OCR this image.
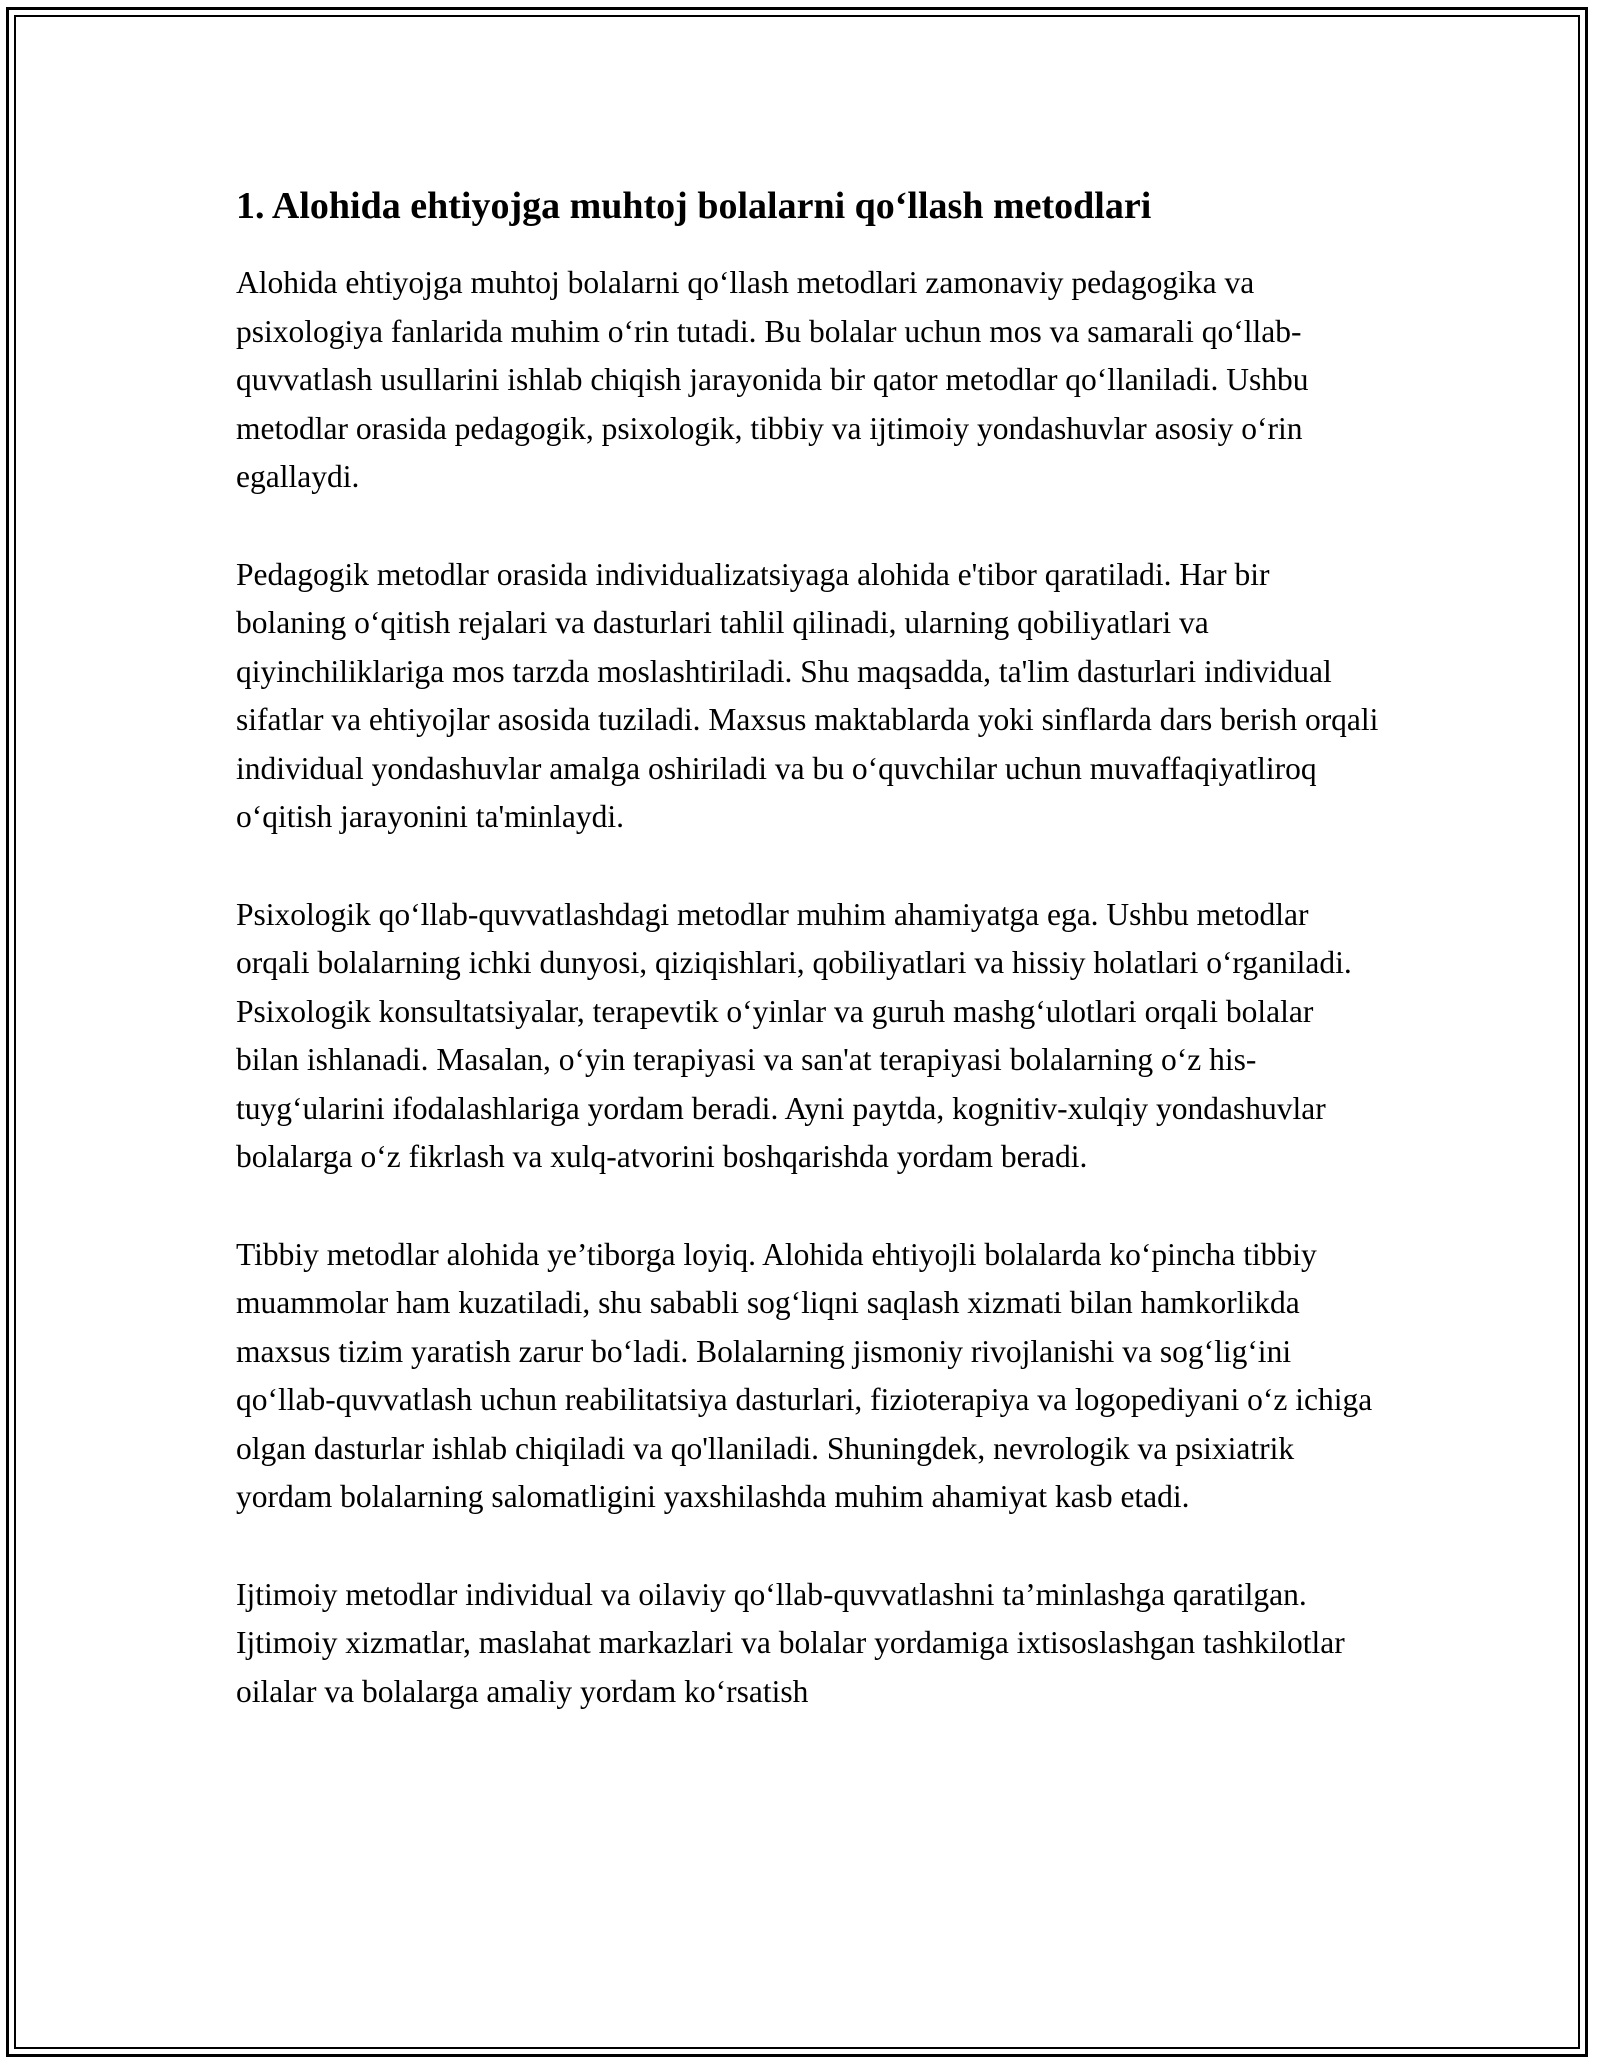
1. Alohida ehtiyojga muhtoj bolalarni qo‘llash metodlari

Alohida ehtiyojga muhtoj bolalarni qo‘llash metodlari zamonaviy pedagogika va psixologiya fanlarida muhim o‘rin tutadi. Bu bolalar uchun mos va samarali qo‘llab-quvvatlash usullarini ishlab chiqish jarayonida bir qator metodlar qo‘llaniladi. Ushbu metodlar orasida pedagogik, psixologik, tibbiy va ijtimoiy yondashuvlar asosiy o‘rin egallaydi.

Pedagogik metodlar orasida individualizatsiyaga alohida e'tibor qaratiladi. Har bir bolaning o‘qitish rejalari va dasturlari tahlil qilinadi, ularning qobiliyatlari va qiyinchiliklariga mos tarzda moslashtiriladi. Shu maqsadda, ta'lim dasturlari individual sifatlar va ehtiyojlar asosida tuziladi. Maxsus maktablarda yoki sinflarda dars berish orqali individual yondashuvlar amalga oshiriladi va bu o‘quvchilar uchun muvaffaqiyatliroq o‘qitish jarayonini ta'minlaydi.

Psixologik qo‘llab-quvvatlashdagi metodlar muhim ahamiyatga ega. Ushbu metodlar orqali bolalarning ichki dunyosi, qiziqishlari, qobiliyatlari va hissiy holatlari o‘rganiladi. Psixologik konsultatsiyalar, terapevtik o‘yinlar va guruh mashg‘ulotlari orqali bolalar bilan ishlanadi. Masalan, o‘yin terapiyasi va san'at terapiyasi bolalarning o‘z his-tuyg‘ularini ifodalashlariga yordam beradi. Ayni paytda, kognitiv-xulqiy yondashuvlar bolalarga o‘z fikrlash va xulq-atvorini boshqarishda yordam beradi.

Tibbiy metodlar alohida ye’tiborga loyiq. Alohida ehtiyojli bolalarda ko‘pincha tibbiy muammolar ham kuzatiladi, shu sababli sog‘liqni saqlash xizmati bilan hamkorlikda maxsus tizim yaratish zarur bo‘ladi. Bolalarning jismoniy rivojlanishi va sog‘lig‘ini qo‘llab-quvvatlash uchun reabilitatsiya dasturlari, fizioterapiya va logopediyani o‘z ichiga olgan dasturlar ishlab chiqiladi va qo'llaniladi. Shuningdek, nevrologik va psixiatrik yordam bolalarning salomatligini yaxshilashda muhim ahamiyat kasb etadi.

Ijtimoiy metodlar individual va oilaviy qo‘llab-quvvatlashni ta’minlashga qaratilgan. Ijtimoiy xizmatlar, maslahat markazlari va bolalar yordamiga ixtisoslashgan tashkilotlar oilalar va bolalarga amaliy yordam ko‘rsatish
